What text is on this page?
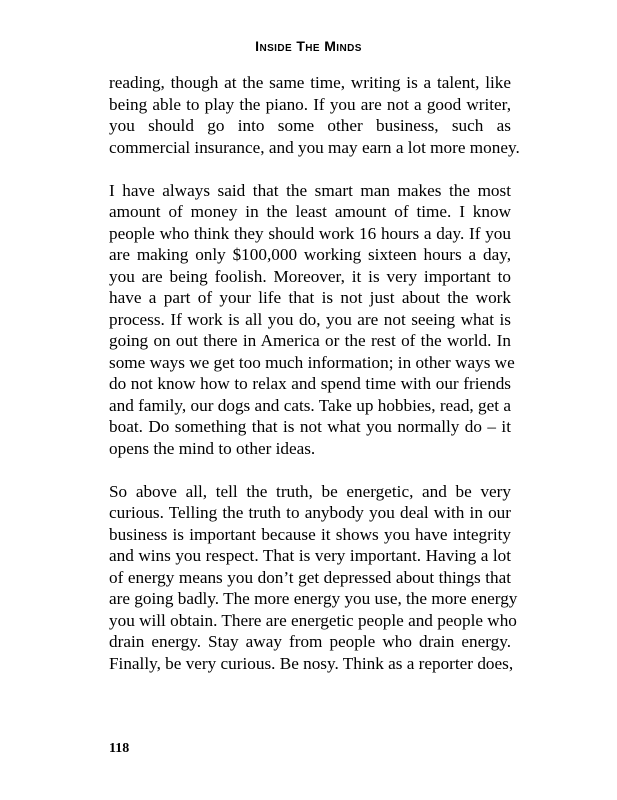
Inside The Minds
reading, though at the same time, writing is a talent, like
being able to play the piano. If you are not a good writer,
you should go into some other business, such as
commercial insurance, and you may earn a lot more money.
I have always said that the smart man makes the most
amount of money in the least amount of time. I know
people who think they should work 16 hours a day. If you
are making only $100,000 working sixteen hours a day,
you are being foolish. Moreover, it is very important to
have a part of your life that is not just about the work
process. If work is all you do, you are not seeing what is
going on out there in America or the rest of the world. In
some ways we get too much information; in other ways we
do not know how to relax and spend time with our friends
and family, our dogs and cats. Take up hobbies, read, get a
boat. Do something that is not what you normally do – it
opens the mind to other ideas.
So above all, tell the truth, be energetic, and be very
curious. Telling the truth to anybody you deal with in our
business is important because it shows you have integrity
and wins you respect. That is very important. Having a lot
of energy means you don’t get depressed about things that
are going badly. The more energy you use, the more energy
you will obtain. There are energetic people and people who
drain energy. Stay away from people who drain energy.
Finally, be very curious. Be nosy. Think as a reporter does,
118
